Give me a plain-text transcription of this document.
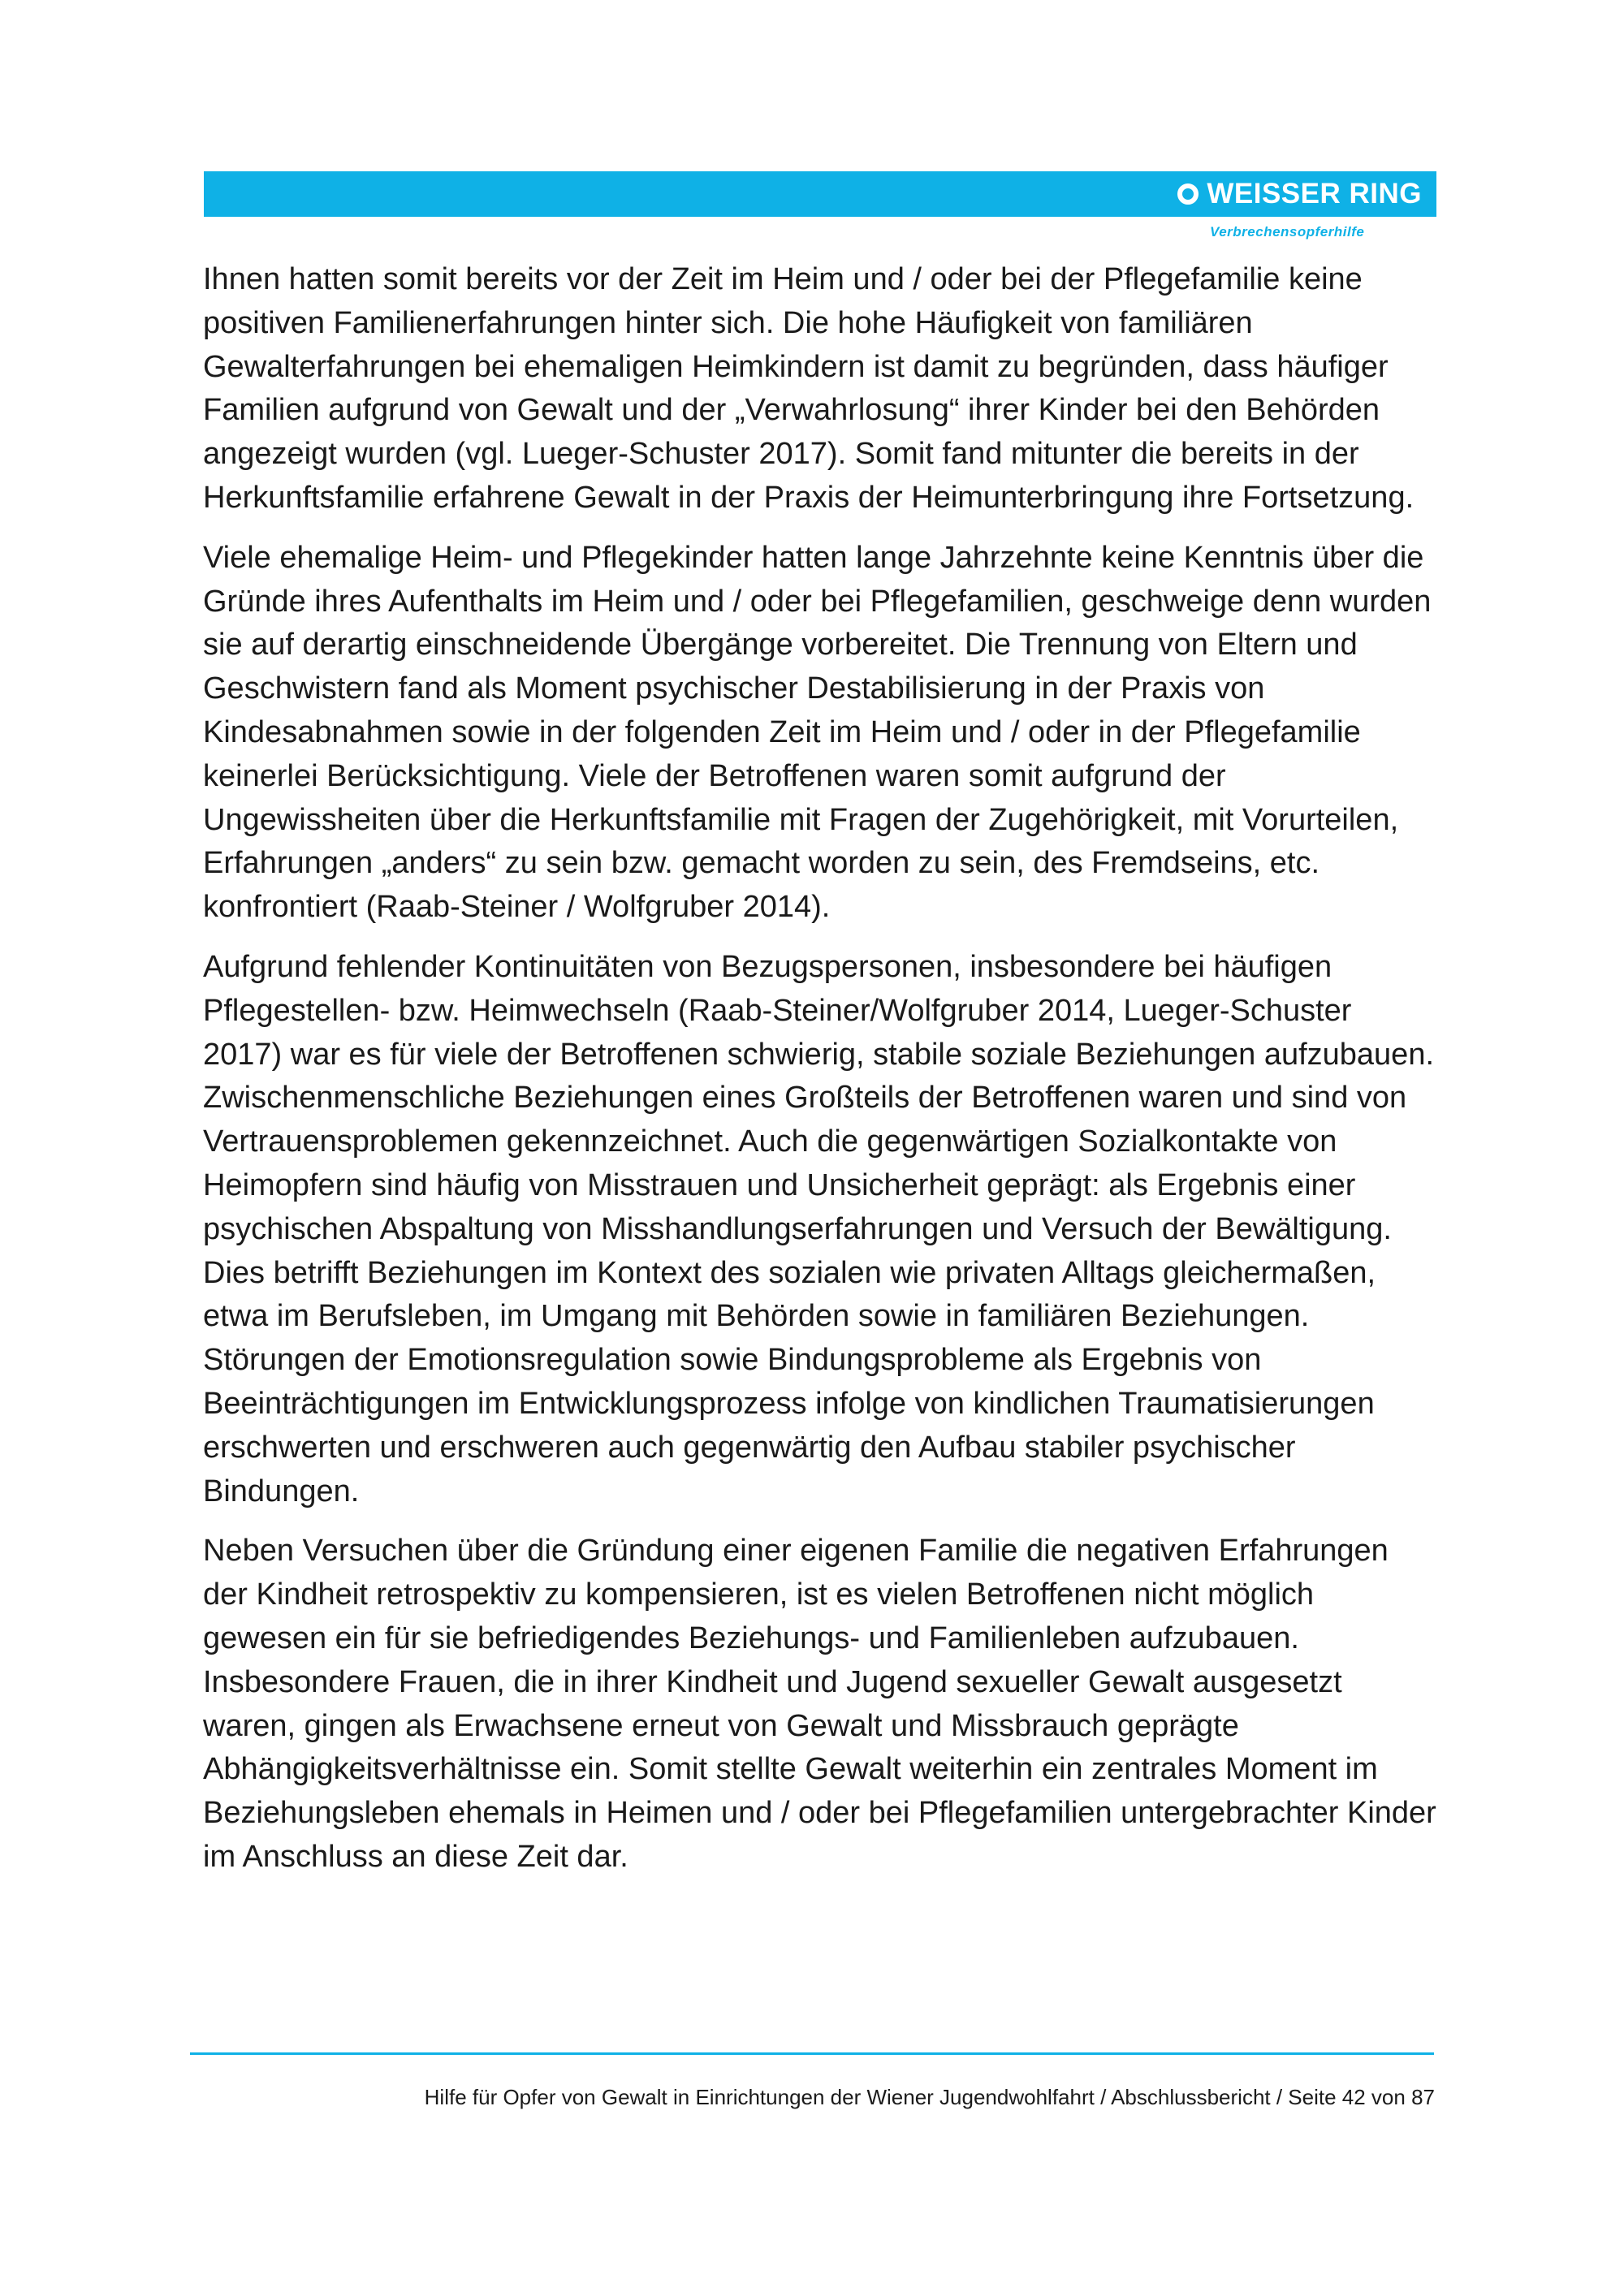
WEISSER RING
Verbrechensopferhilfe

Ihnen hatten somit bereits vor der Zeit im Heim und / oder bei der Pflegefamilie keine positiven Familienerfahrungen hinter sich. Die hohe Häufigkeit von familiären Gewalterfahrungen bei ehemaligen Heimkindern ist damit zu begründen, dass häufiger Familien aufgrund von Gewalt und der „Verwahrlosung“ ihrer Kinder bei den Behörden angezeigt wurden (vgl. Lueger-Schuster 2017). Somit fand mitunter die bereits in der Herkunftsfamilie erfahrene Gewalt in der Praxis der Heimunterbringung ihre Fortsetzung.

Viele ehemalige Heim- und Pflegekinder hatten lange Jahrzehnte keine Kenntnis über die Gründe ihres Aufenthalts im Heim und / oder bei Pflegefamilien, geschweige denn wurden sie auf derartig einschneidende Übergänge vorbereitet. Die Trennung von Eltern und Geschwistern fand als Moment psychischer Destabilisierung in der Praxis von Kindesabnahmen sowie in der folgenden Zeit im Heim und / oder in der Pflegefamilie keinerlei Berücksichtigung. Viele der Betroffenen waren somit aufgrund der Ungewissheiten über die Herkunftsfamilie mit Fragen der Zugehörigkeit, mit Vorurteilen, Erfahrungen „anders“ zu sein bzw. gemacht worden zu sein, des Fremdseins, etc. konfrontiert (Raab-Steiner / Wolfgruber 2014).

Aufgrund fehlender Kontinuitäten von Bezugspersonen, insbesondere bei häufigen Pflegestellen- bzw. Heimwechseln (Raab-Steiner/Wolfgruber 2014, Lueger-Schuster 2017) war es für viele der Betroffenen schwierig, stabile soziale Beziehungen aufzubauen. Zwischenmenschliche Beziehungen eines Großteils der Betroffenen waren und sind von Vertrauensproblemen gekennzeichnet. Auch die gegenwärtigen Sozialkontakte von Heimopfern sind häufig von Misstrauen und Unsicherheit geprägt: als Ergebnis einer psychischen Abspaltung von Misshandlungserfahrungen und Versuch der Bewältigung. Dies betrifft Beziehungen im Kontext des sozialen wie privaten Alltags gleichermaßen, etwa im Berufsleben, im Umgang mit Behörden sowie in familiären Beziehungen. Störungen der Emotionsregulation sowie Bindungsprobleme als Ergebnis von Beeinträchtigungen im Entwicklungsprozess infolge von kindlichen Traumatisierungen erschwerten und erschweren auch gegenwärtig den Aufbau stabiler psychischer Bindungen.

Neben Versuchen über die Gründung einer eigenen Familie die negativen Erfahrungen der Kindheit retrospektiv zu kompensieren, ist es vielen Betroffenen nicht möglich gewesen ein für sie befriedigendes Beziehungs- und Familienleben aufzubauen. Insbesondere Frauen, die in ihrer Kindheit und Jugend sexueller Gewalt ausgesetzt waren, gingen als Erwachsene erneut von Gewalt und Missbrauch geprägte Abhängigkeitsverhältnisse ein. Somit stellte Gewalt weiterhin ein zentrales Moment im Beziehungsleben ehemals in Heimen und / oder bei Pflegefamilien untergebrachter Kinder im Anschluss an diese Zeit dar.

Hilfe für Opfer von Gewalt in Einrichtungen der Wiener Jugendwohlfahrt / Abschlussbericht / Seite 42 von 87
